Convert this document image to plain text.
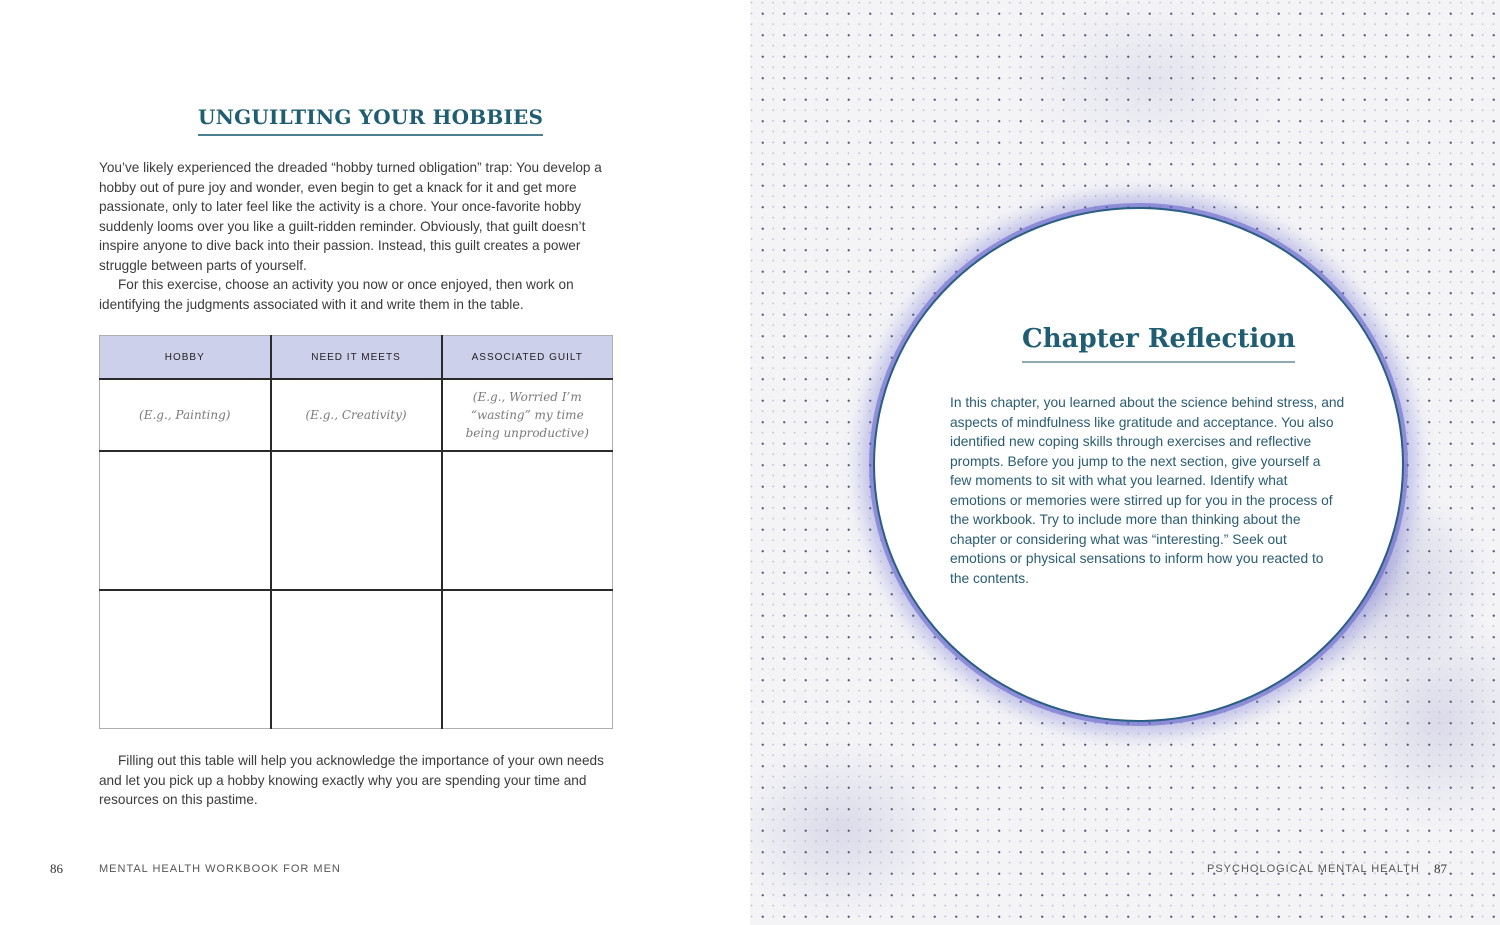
UNGUILTING YOUR HOBBIES

You’ve likely experienced the dreaded “hobby turned obligation” trap: You develop a hobby out of pure joy and wonder, even begin to get a knack for it and get more passionate, only to later feel like the activity is a chore. Your once-favorite hobby suddenly looms over you like a guilt-ridden reminder. Obviously, that guilt doesn’t inspire anyone to dive back into their passion. Instead, this guilt creates a power struggle between parts of yourself.

For this exercise, choose an activity you now or once enjoyed, then work on identifying the judgments associated with it and write them in the table.

HOBBY	NEED IT MEETS	ASSOCIATED GUILT
(E.g., Painting)	(E.g., Creativity)	(E.g., Worried I’m “wasting” my time being unproductive)

Filling out this table will help you acknowledge the importance of your own needs and let you pick up a hobby knowing exactly why you are spending your time and resources on this pastime.

86	MENTAL HEALTH WORKBOOK FOR MEN
Chapter Reflection

In this chapter, you learned about the science behind stress, and aspects of mindfulness like gratitude and acceptance. You also identified new coping skills through exercises and reflective prompts. Before you jump to the next section, give yourself a few moments to sit with what you learned. Identify what emotions or memories were stirred up for you in the process of the workbook. Try to include more than thinking about the chapter or considering what was “interesting.” Seek out emotions or physical sensations to inform how you reacted to the contents.

PSYCHOLOGICAL MENTAL HEALTH 87
